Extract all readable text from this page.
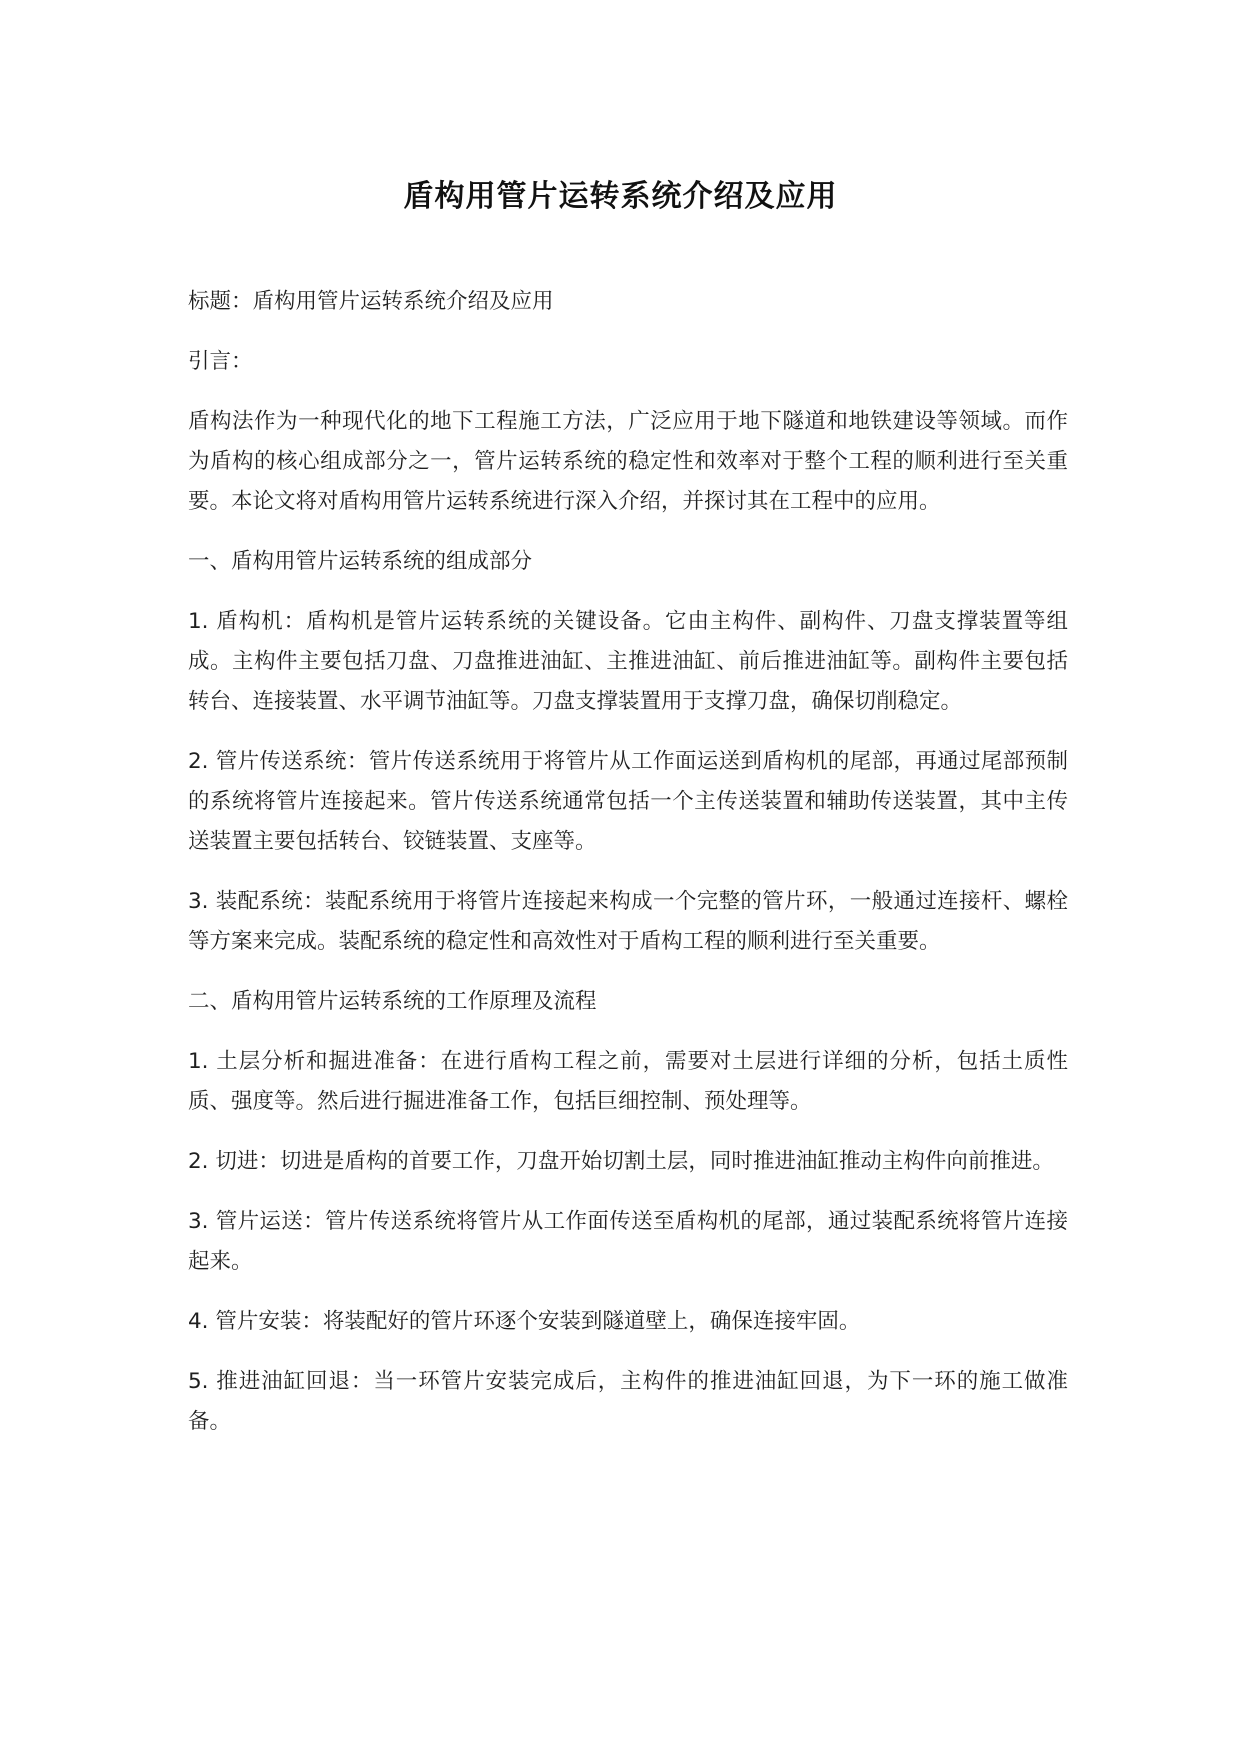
盾构用管片运转系统介绍及应用

标题：盾构用管片运转系统介绍及应用

引言：

盾构法作为一种现代化的地下工程施工方法，广泛应用于地下隧道和地铁建设等领域。而作为盾构的核心组成部分之一，管片运转系统的稳定性和效率对于整个工程的顺利进行至关重要。本论文将对盾构用管片运转系统进行深入介绍，并探讨其在工程中的应用。

一、盾构用管片运转系统的组成部分

1. 盾构机：盾构机是管片运转系统的关键设备。它由主构件、副构件、刀盘支撑装置等组成。主构件主要包括刀盘、刀盘推进油缸、主推进油缸、前后推进油缸等。副构件主要包括转台、连接装置、水平调节油缸等。刀盘支撑装置用于支撑刀盘，确保切削稳定。

2. 管片传送系统：管片传送系统用于将管片从工作面运送到盾构机的尾部，再通过尾部预制的系统将管片连接起来。管片传送系统通常包括一个主传送装置和辅助传送装置，其中主传送装置主要包括转台、铰链装置、支座等。

3. 装配系统：装配系统用于将管片连接起来构成一个完整的管片环，一般通过连接杆、螺栓等方案来完成。装配系统的稳定性和高效性对于盾构工程的顺利进行至关重要。

二、盾构用管片运转系统的工作原理及流程

1. 土层分析和掘进准备：在进行盾构工程之前，需要对土层进行详细的分析，包括土质性质、强度等。然后进行掘进准备工作，包括巨细控制、预处理等。

2. 切进：切进是盾构的首要工作，刀盘开始切割土层，同时推进油缸推动主构件向前推进。

3. 管片运送：管片传送系统将管片从工作面传送至盾构机的尾部，通过装配系统将管片连接起来。

4. 管片安装：将装配好的管片环逐个安装到隧道壁上，确保连接牢固。

5. 推进油缸回退：当一环管片安装完成后，主构件的推进油缸回退，为下一环的施工做准备。
